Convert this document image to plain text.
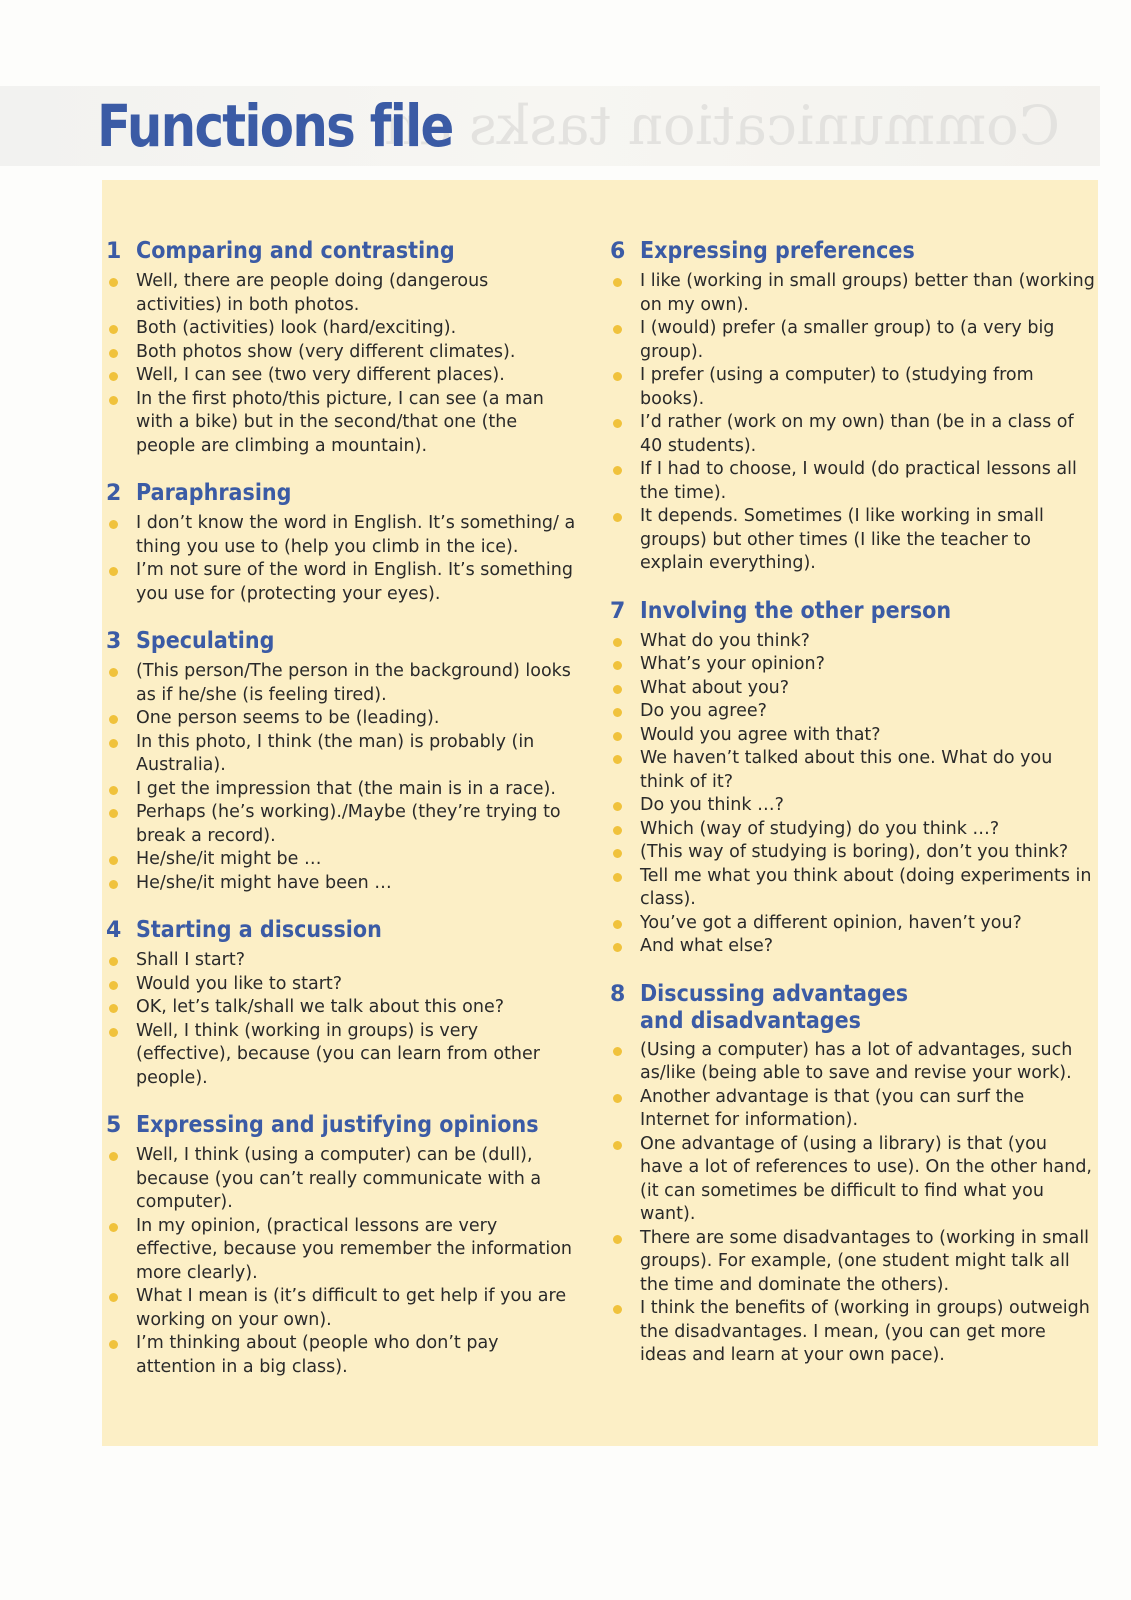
Communication tasks an
Functions file
1 Comparing and contrasting
Well, there are people doing (dangerous activities) in both photos.
Both (activities) look (hard/exciting).
Both photos show (very different climates).
Well, I can see (two very different places).
In the first photo/this picture, I can see (a man with a bike) but in the second/that one (the people are climbing a mountain).
2 Paraphrasing
I don’t know the word in English. It’s something/ a thing you use to (help you climb in the ice).
I’m not sure of the word in English. It’s something you use for (protecting your eyes).
3 Speculating
(This person/The person in the background) looks as if he/she (is feeling tired).
One person seems to be (leading).
In this photo, I think (the man) is probably (in Australia).
I get the impression that (the main is in a race).
Perhaps (he’s working)./Maybe (they’re trying to break a record).
He/she/it might be …
He/she/it might have been …
4 Starting a discussion
Shall I start?
Would you like to start?
OK, let’s talk/shall we talk about this one?
Well, I think (working in groups) is very (effective), because (you can learn from other people).
5 Expressing and justifying opinions
Well, I think (using a computer) can be (dull), because (you can’t really communicate with a computer).
In my opinion, (practical lessons are very effective, because you remember the information more clearly).
What I mean is (it’s difficult to get help if you are working on your own).
I’m thinking about (people who don’t pay attention in a big class).
6 Expressing preferences
I like (working in small groups) better than (working on my own).
I (would) prefer (a smaller group) to (a very big group).
I prefer (using a computer) to (studying from books).
I’d rather (work on my own) than (be in a class of 40 students).
If I had to choose, I would (do practical lessons all the time).
It depends. Sometimes (I like working in small groups) but other times (I like the teacher to explain everything).
7 Involving the other person
What do you think?
What’s your opinion?
What about you?
Do you agree?
Would you agree with that?
We haven’t talked about this one. What do you think of it?
Do you think …?
Which (way of studying) do you think …?
(This way of studying is boring), don’t you think?
Tell me what you think about (doing experiments in class).
You’ve got a different opinion, haven’t you?
And what else?
8 Discussing advantages and disadvantages
(Using a computer) has a lot of advantages, such as/like (being able to save and revise your work).
Another advantage is that (you can surf the Internet for information).
One advantage of (using a library) is that (you have a lot of references to use). On the other hand, (it can sometimes be difficult to find what you want).
There are some disadvantages to (working in small groups). For example, (one student might talk all the time and dominate the others).
I think the benefits of (working in groups) outweigh the disadvantages. I mean, (you can get more ideas and learn at your own pace).
